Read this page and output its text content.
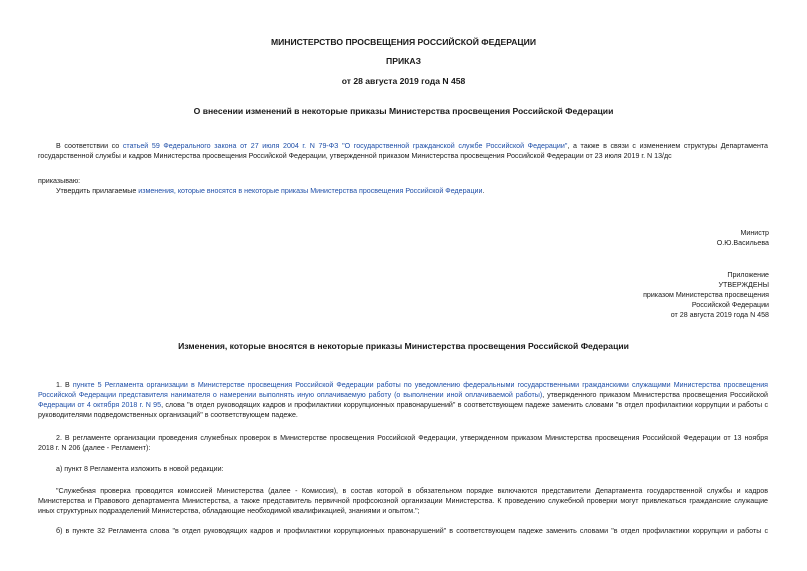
МИНИСТЕРСТВО ПРОСВЕЩЕНИЯ РОССИЙСКОЙ ФЕДЕРАЦИИ
ПРИКАЗ
от 28 августа 2019 года N 458
О внесении изменений в некоторые приказы Министерства просвещения Российской Федерации
В соответствии со статьей 59 Федерального закона от 27 июля 2004 г. N 79-ФЗ "О государственной гражданской службе Российской Федерации", а также в связи с изменением структуры Департамента
государственной службы и кадров Министерства просвещения Российской Федерации, утвержденной приказом Министерства просвещения Российской Федерации от 23 июля 2019 г. N 13/дс
приказываю:
Утвердить прилагаемые изменения, которые вносятся в некоторые приказы Министерства просвещения Российской Федерации.
Министр
О.Ю.Васильева
Приложение
УТВЕРЖДЕНЫ
приказом Министерства просвещения
Российской Федерации
от 28 августа 2019 года N 458
Изменения, которые вносятся в некоторые приказы Министерства просвещения Российской Федерации
1. В пункте 5 Регламента организации в Министерстве просвещения Российской Федерации работы по уведомлению федеральными государственными гражданскими служащими Министерства просвещения
Российской Федерации представителя нанимателя о намерении выполнять иную оплачиваемую работу (о выполнении иной оплачиваемой работы), утвержденного приказом Министерства просвещения Российской
Федерации от 4 октября 2018 г. N 95, слова "в отдел руководящих кадров и профилактики коррупционных правонарушений" в соответствующем падеже заменить словами "в отдел профилактики коррупции и работы с
руководителями подведомственных организаций" в соответствующем падеже.
2. В регламенте организации проведения служебных проверок в Министерстве просвещения Российской Федерации, утвержденном приказом Министерства просвещения Российской Федерации от 13 ноября
2018 г. N 206 (далее - Регламент):
а) пункт 8 Регламента изложить в новой редакции:
"Служебная проверка проводится комиссией Министерства (далее - Комиссия), в состав которой в обязательном порядке включаются представители Департамента государственной службы и кадров
Министерства и Правового департамента Министерства, а также представитель первичной профсоюзной организации Министерства. К проведению служебной проверки могут привлекаться гражданские служащие
иных структурных подразделений Министерства, обладающие необходимой квалификацией, знаниями и опытом.";
б) в пункте 32 Регламента слова "в отдел руководящих кадров и профилактики коррупционных правонарушений" в соответствующем падеже заменить словами "в отдел профилактики коррупции и работы с
